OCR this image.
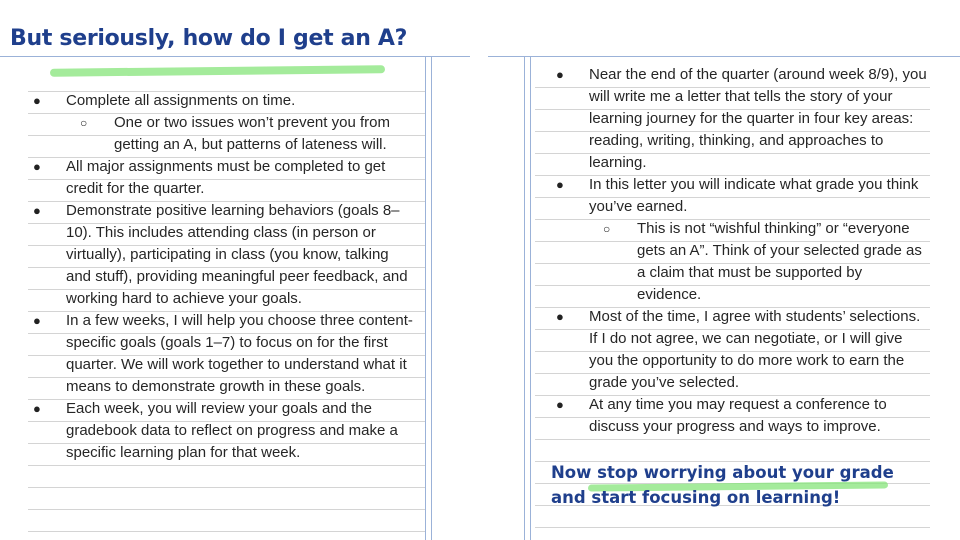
But seriously, how do I get an A?
● Complete all assignments on time.
○ One or two issues won’t prevent you from getting an A, but patterns of lateness will.
● All major assignments must be completed to get credit for the quarter.
● Demonstrate positive learning behaviors (goals 8–10). This includes attending class (in person or virtually), participating in class (you know, talking and stuff), providing meaningful peer feedback, and working hard to achieve your goals.
● In a few weeks, I will help you choose three content-specific goals (goals 1–7) to focus on for the first quarter. We will work together to understand what it means to demonstrate growth in these goals.
● Each week, you will review your goals and the gradebook data to reflect on progress and make a specific learning plan for that week.
● Near the end of the quarter (around week 8/9), you will write me a letter that tells the story of your learning journey for the quarter in four key areas: reading, writing, thinking, and approaches to learning.
● In this letter you will indicate what grade you think you’ve earned.
○ This is not “wishful thinking” or “everyone gets an A”. Think of your selected grade as a claim that must be supported by evidence.
● Most of the time, I agree with students’ selections. If I do not agree, we can negotiate, or I will give you the opportunity to do more work to earn the grade you’ve selected.
● At any time you may request a conference to discuss your progress and ways to improve.
Now stop worrying about your grade and start focusing on learning!
